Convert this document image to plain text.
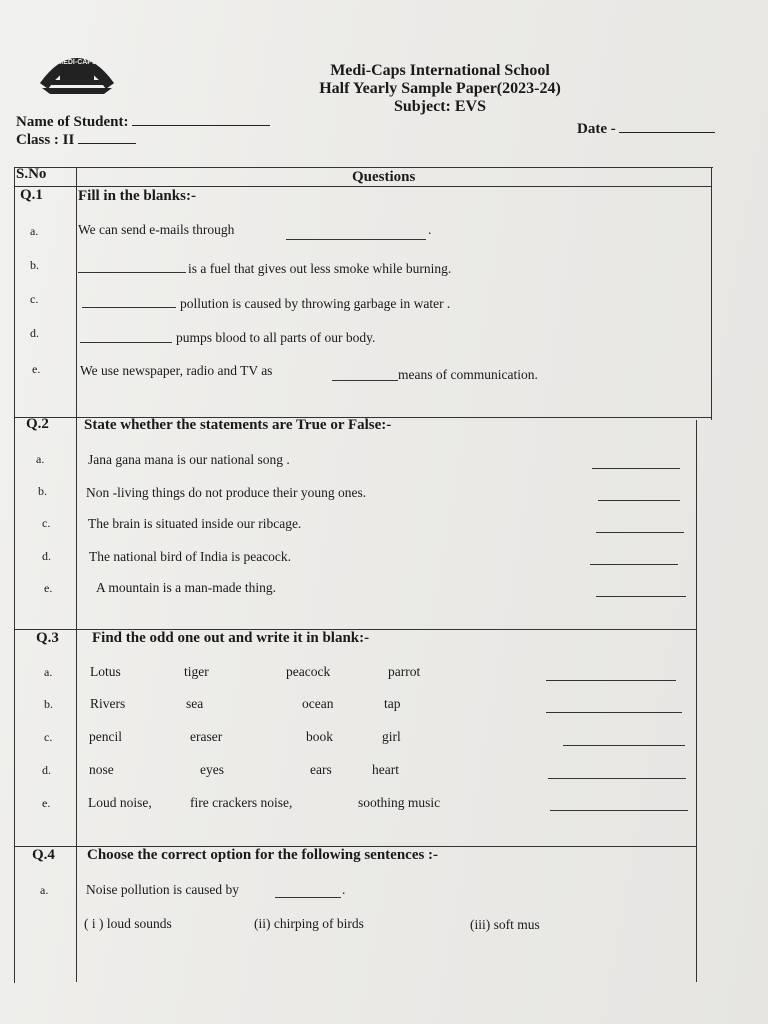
MEDI-CAPS	Medi-Caps International School
Half Yearly Sample Paper(2023-24)
Subject: EVS
Name of Student:
Class : II
Date -
S.No	Questions
Q.1 Fill in the blanks:-
a.	We can send e-mails through	.
b.	is a fuel that gives out less smoke while burning.
c.	pollution is caused by throwing garbage in water .
d.	pumps blood to all parts of our body.
e.	We use newspaper, radio and TV as	means of communication.
Q.2 State whether the statements are True or False:-
a.	Jana gana mana is our national song .
b.	Non -living things do not produce their young ones.
c.	The brain is situated inside our ribcage.
d.	The national bird of India is peacock.
e.	A mountain is a man-made thing.
Q.3 Find the odd one out and write it in blank:-
a.	Lotus	tiger	peacock	parrot
b.	Rivers	sea	ocean	tap
c.	pencil	eraser	book	girl
d.	nose	eyes	ears	heart
e.	Loud noise,	fire crackers noise,	soothing music
Q.4 Choose the correct option for the following sentences :-
a.	Noise pollution is caused by	.
( i ) loud sounds	(ii) chirping of birds	(iii) soft mus
